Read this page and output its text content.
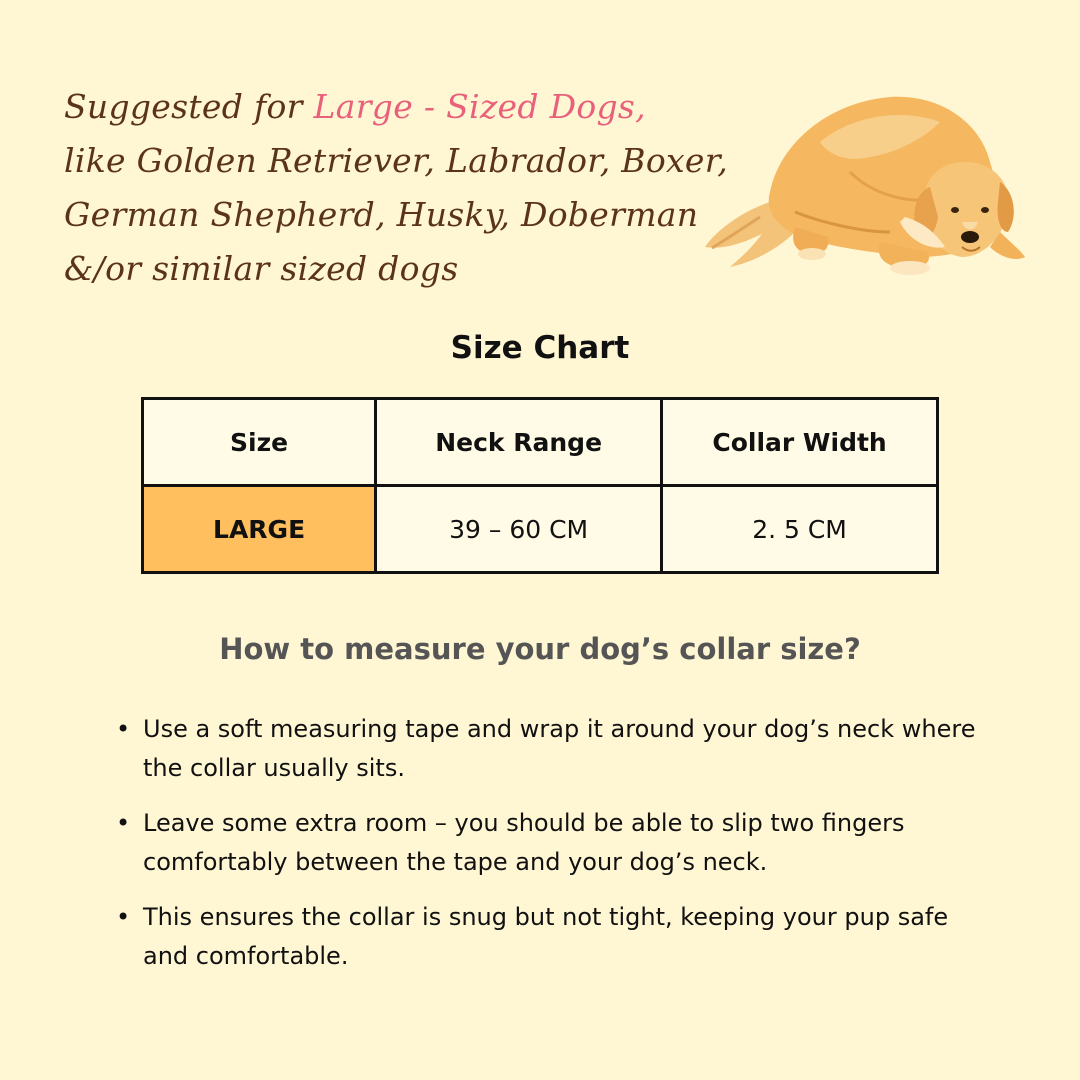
Suggested for Large - Sized Dogs,
like Golden Retriever, Labrador, Boxer,
German Shepherd, Husky, Doberman
&/or similar sized dogs
Size Chart
Size	Neck Range	Collar Width
LARGE	39 – 60 CM	2. 5 CM
How to measure your dog’s collar size?
• Use a soft measuring tape and wrap it around your dog’s neck where the collar usually sits.
• Leave some extra room – you should be able to slip two fingers comfortably between the tape and your dog’s neck.
• This ensures the collar is snug but not tight, keeping your pup safe and comfortable.
